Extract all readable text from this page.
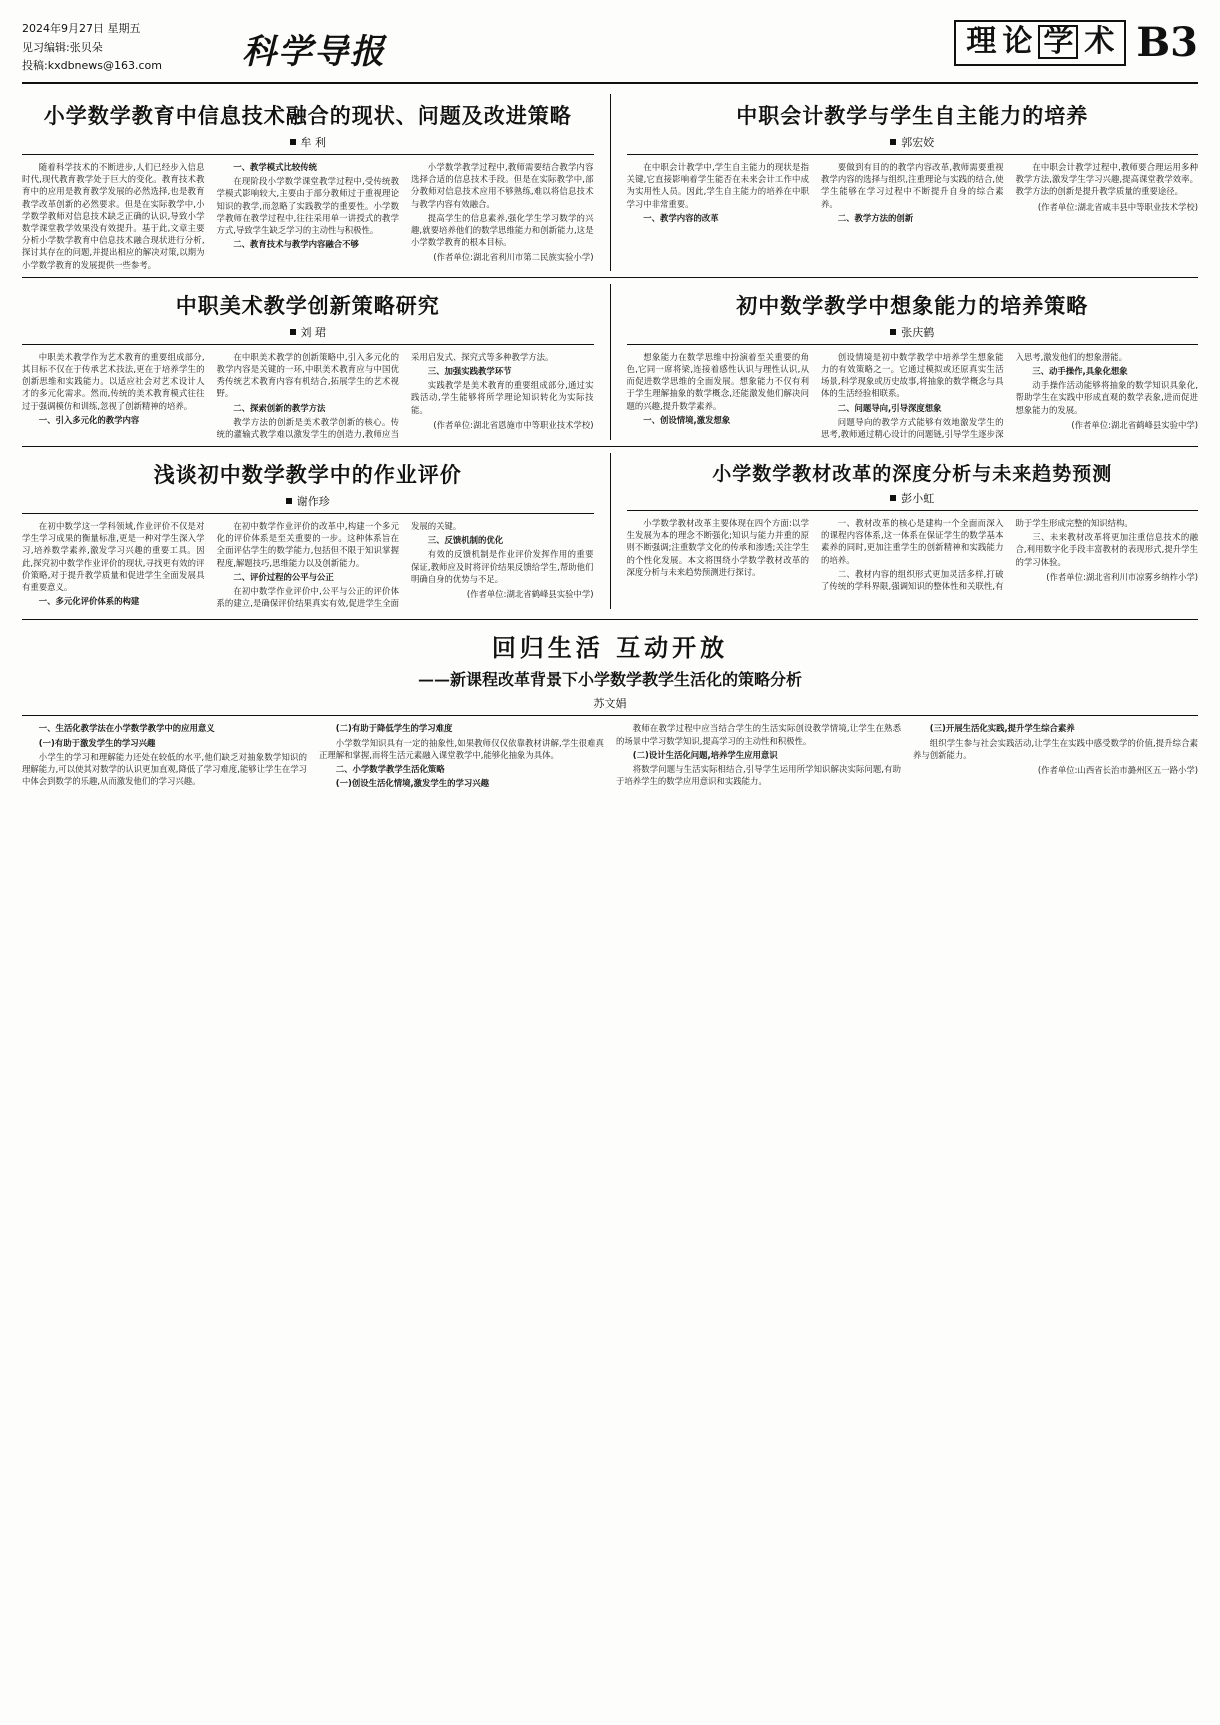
2024年9月27日 星期五
见习编辑:张贝朵
投稿:kxdbnews@163.com	科学导报	理 论 学 术 B3
小学数学教育中信息技术融合的现状、问题及改进策略
牟 利

随着科学技术的不断进步,人们已经步入信息时代,现代教育教学处于巨大的变化。教育技术教育中的应用是教育教学发展的必然选择,也是教育教学改革创新的必然要求。但是在实际教学中,小学数学教师对信息技术缺乏正确的认识,导致小学数学课堂教学效果没有效提升。基于此,文章主要分析小学数学教育中信息技术融合现状进行分析,探讨其存在的问题,并提出相应的解决对策,以期为小学数学教育的发展提供一些参考。

一、教学模式比较传统

在现阶段小学数学课堂教学过程中,受传统教学模式影响较大,主要由于部分教师过于重视理论知识的教学,而忽略了实践教学的重要性。小学数学教师在教学过程中,往往采用单一讲授式的教学方式,导致学生缺乏学习的主动性与积极性。

二、教育技术与教学内容融合不够

小学数学教学过程中,教师需要结合教学内容选择合适的信息技术手段。但是在实际教学中,部分教师对信息技术应用不够熟练,难以将信息技术与教学内容有效融合。

提高学生的信息素养,强化学生学习数学的兴趣,就要培养他们的数学思维能力和创新能力,这是小学数学教育的根本目标。

(作者单位:湖北省利川市第二民族实验小学)

中职会计教学与学生自主能力的培养
郭宏姣

在中职会计教学中,学生自主能力的现状是指关键,它直接影响着学生能否在未来会计工作中成为实用性人员。因此,学生自主能力的培养在中职学习中非常重要。

一、教学内容的改革

要做到有目的的教学内容改革,教师需要重视教学内容的选择与组织,注重理论与实践的结合,使学生能够在学习过程中不断提升自身的综合素养。

二、教学方法的创新

在中职会计教学过程中,教师要合理运用多种教学方法,激发学生学习兴趣,提高课堂教学效率。教学方法的创新是提升教学质量的重要途径。

(作者单位:湖北省咸丰县中等职业技术学校)

中职美术教学创新策略研究
刘 珺

中职美术教学作为艺术教育的重要组成部分,其目标不仅在于传承艺术技法,更在于培养学生的创新思维和实践能力。以适应社会对艺术设计人才的多元化需求。然而,传统的美术教育模式往往过于强调模仿和训练,忽视了创新精神的培养。

一、引入多元化的教学内容

在中职美术教学的创新策略中,引入多元化的教学内容是关键的一环,中职美术教育应与中国优秀传统艺术教育内容有机结合,拓展学生的艺术视野。

二、探索创新的教学方法

教学方法的创新是美术教学创新的核心。传统的灌输式教学难以激发学生的创造力,教师应当采用启发式、探究式等多种教学方法。

三、加强实践教学环节

实践教学是美术教育的重要组成部分,通过实践活动,学生能够将所学理论知识转化为实际技能。

(作者单位:湖北省恩施市中等职业技术学校)

初中数学教学中想象能力的培养策略
张庆鹤

想象能力在数学思维中扮演着至关重要的角色,它同一席将梁,连接着感性认识与理性认识,从而促进数学思维的全面发展。想象能力不仅有利于学生理解抽象的数学概念,还能激发他们解决问题的兴趣,提升数学素养。

一、创设情境,激发想象

创设情境是初中数学教学中培养学生想象能力的有效策略之一。它通过模拟或还原真实生活场景,科学现象或历史故事,将抽象的数学概念与具体的生活经验相联系。

二、问题导向,引导深度想象

问题导向的教学方式能够有效地激发学生的思考,教师通过精心设计的问题链,引导学生逐步深入思考,激发他们的想象潜能。

三、动手操作,具象化想象

动手操作活动能够将抽象的数学知识具象化,帮助学生在实践中形成直观的数学表象,进而促进想象能力的发展。

(作者单位:湖北省鹤峰县实验中学)

浅谈初中数学教学中的作业评价
谢作珍

在初中数学这一学科领域,作业评价不仅是对学生学习成果的衡量标准,更是一种对学生深入学习,培养数学素养,激发学习兴趣的重要工具。因此,探究初中数学作业评价的现状,寻找更有效的评价策略,对于提升教学质量和促进学生全面发展具有重要意义。

一、多元化评价体系的构建

在初中数学作业评价的改革中,构建一个多元化的评价体系是至关重要的一步。这种体系旨在全面评估学生的数学能力,包括但不限于知识掌握程度,解题技巧,思维能力以及创新能力。

二、评价过程的公平与公正

在初中数学作业评价中,公平与公正的评价体系的建立,是确保评价结果真实有效,促进学生全面发展的关键。

三、反馈机制的优化

有效的反馈机制是作业评价发挥作用的重要保证,教师应及时将评价结果反馈给学生,帮助他们明确自身的优势与不足。

(作者单位:湖北省鹤峰县实验中学)

小学数学教材改革的深度分析与未来趋势预测
彭小虹

小学数学教材改革主要体现在四个方面:以学生发展为本的理念不断强化;知识与能力并重的原则不断强调;注重数学文化的传承和渗透;关注学生的个性化发展。本文将围绕小学数学教材改革的深度分析与未来趋势预测进行探讨。

一、教材改革的核心是建构一个全面而深入的课程内容体系,这一体系在保证学生的数学基本素养的同时,更加注重学生的创新精神和实践能力的培养。

二、教材内容的组织形式更加灵活多样,打破了传统的学科界限,强调知识的整体性和关联性,有助于学生形成完整的知识结构。

三、未来教材改革将更加注重信息技术的融合,利用数字化手段丰富教材的表现形式,提升学生的学习体验。

(作者单位:湖北省利川市凉雾乡纳柞小学)

回归生活 互动开放
——新课程改革背景下小学数学教学生活化的策略分析
苏文娟

一、生活化教学法在小学数学教学中的应用意义

(一)有助于激发学生的学习兴趣

小学生的学习和理解能力还处在较低的水平,他们缺乏对抽象数学知识的理解能力,可以使其对数学的认识更加直观,降低了学习难度,能够让学生在学习中体会到数学的乐趣,从而激发他们的学习兴趣。

(二)有助于降低学生的学习难度

小学数学知识具有一定的抽象性,如果教师仅仅依靠教材讲解,学生很难真正理解和掌握,而将生活元素融入课堂教学中,能够化抽象为具体。

二、小学数学教学生活化策略

(一)创设生活化情境,激发学生的学习兴趣

教师在教学过程中应当结合学生的生活实际创设教学情境,让学生在熟悉的场景中学习数学知识,提高学习的主动性和积极性。

(二)设计生活化问题,培养学生应用意识

将数学问题与生活实际相结合,引导学生运用所学知识解决实际问题,有助于培养学生的数学应用意识和实践能力。

(三)开展生活化实践,提升学生综合素养

组织学生参与社会实践活动,让学生在实践中感受数学的价值,提升综合素养与创新能力。

(作者单位:山西省长治市潞州区五一路小学)
